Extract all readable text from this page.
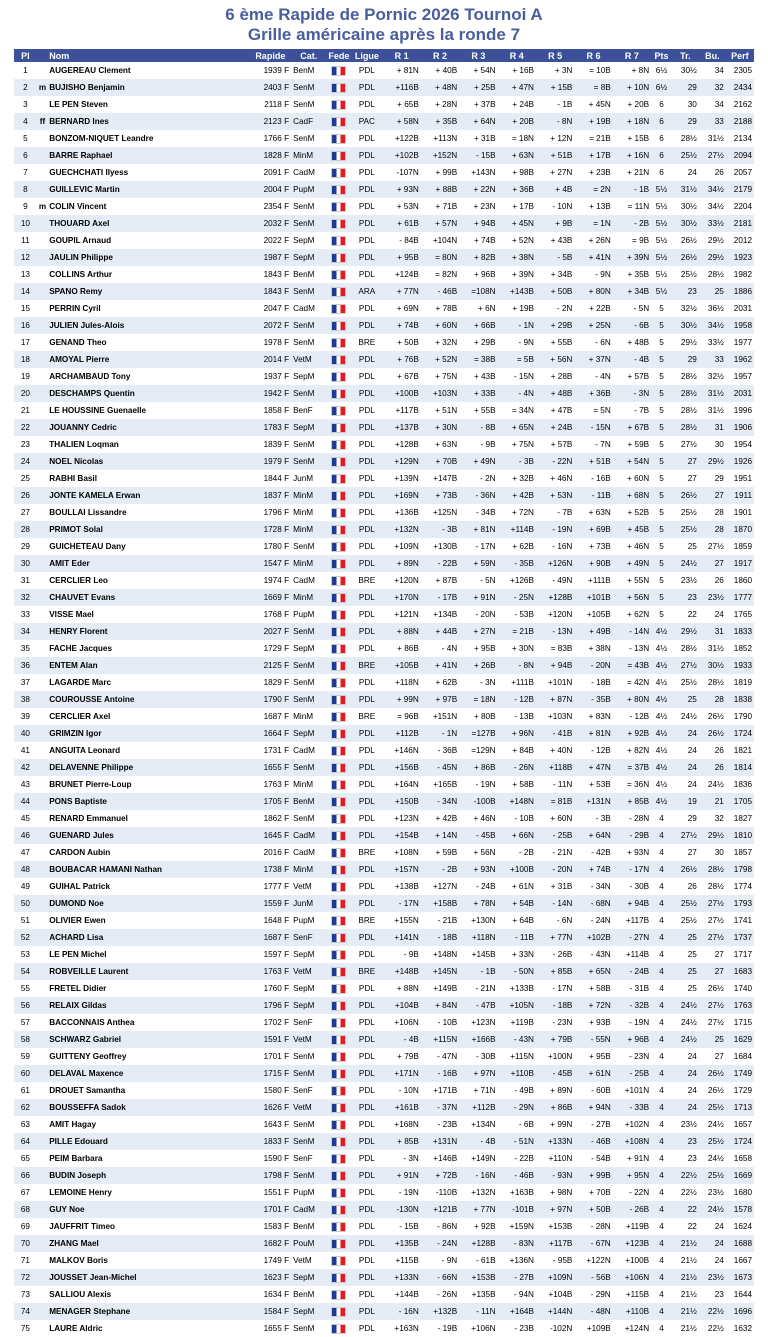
6 ème Rapide de Pornic 2026 Tournoi A
Grille américaine après la ronde 7
Pl		Nom	Rapide	Cat.	Fede	Ligue	R 1	R 2	R 3	R 4	R 5	R 6	R 7	Pts	Tr.	Bu.	Perf
1		AUGEREAU Clement	1939 F	BenM		PDL	+ 81N	+ 40B	+ 54N	+ 16B	+ 3N	= 10B	+ 8N	6½	30½	34	2305
2	m	BUJISHO Benjamin	2403 F	SenM		PDL	+116B	+ 48N	+ 25B	+ 47N	+ 15B	= 8B	+ 10N	6½	29	32	2434
3		LE PEN Steven	2118 F	SenM		PDL	+ 65B	+ 28N	+ 37B	+ 24B	- 1B	+ 45N	+ 20B	6	30	34	2162
4	ff	BERNARD Ines	2123 F	CadF		PAC	+ 58N	+ 35B	+ 64N	+ 20B	- 8N	+ 19B	+ 18N	6	29	33	2188
5		BONZOM-NIQUET Leandre	1766 F	SenM		PDL	+122B	+113N	+ 31B	= 18N	+ 12N	= 21B	+ 15B	6	28½	31½	2134
6		BARRE Raphael	1828 F	MinM		PDL	+102B	+152N	- 15B	+ 63N	+ 51B	+ 17B	+ 16N	6	25½	27½	2094
7		GUECHCHATI Ilyess	2091 F	CadM		PDL	-107N	+ 99B	+143N	+ 98B	+ 27N	+ 23B	+ 21N	6	24	26	2057
8		GUILLEVIC Martin	2004 F	PupM		PDL	+ 93N	+ 88B	+ 22N	+ 36B	+ 4B	= 2N	- 1B	5½	31½	34½	2179
9	m	COLIN Vincent	2354 F	SenM		PDL	+ 53N	+ 71B	+ 23N	+ 17B	- 10N	+ 13B	= 11N	5½	30½	34½	2204
10		THOUARD Axel	2032 F	SenM		PDL	+ 61B	+ 57N	+ 94B	+ 45N	+ 9B	= 1N	- 2B	5½	30½	33½	2181
11		GOUPIL Arnaud	2022 F	SepM		PDL	- 84B	+104N	+ 74B	+ 52N	+ 43B	+ 26N	= 9B	5½	26½	29½	2012
12		JAULIN Philippe	1987 F	SepM		PDL	+ 95B	= 80N	+ 82B	+ 38N	- 5B	+ 41N	+ 39N	5½	26½	29½	1923
13		COLLINS Arthur	1843 F	BenM		PDL	+124B	= 82N	+ 96B	+ 39N	+ 34B	- 9N	+ 35B	5½	25½	28½	1982
14		SPANO Remy	1843 F	SenM		ARA	+ 77N	- 46B	=108N	+143B	+ 50B	+ 80N	+ 34B	5½	23	25	1886
15		PERRIN Cyril	2047 F	CadM		PDL	+ 69N	+ 78B	+ 6N	+ 19B	- 2N	+ 22B	- 5N	5	32½	36½	2031
16		JULIEN Jules-Alois	2072 F	SenM		PDL	+ 74B	+ 60N	+ 66B	- 1N	+ 29B	+ 25N	- 6B	5	30½	34½	1958
17		GENAND Theo	1978 F	SenM		BRE	+ 50B	+ 32N	+ 29B	- 9N	+ 55B	- 6N	+ 48B	5	29½	33½	1977
18		AMOYAL Pierre	2014 F	VetM		PDL	+ 76B	+ 52N	= 38B	= 5B	+ 56N	+ 37N	- 4B	5	29	33	1962
19		ARCHAMBAUD Tony	1937 F	SepM		PDL	+ 67B	+ 75N	+ 43B	- 15N	+ 28B	- 4N	+ 57B	5	28½	32½	1957
20		DESCHAMPS Quentin	1942 F	SenM		PDL	+100B	+103N	+ 33B	- 4N	+ 48B	+ 36B	- 3N	5	28½	31½	2031
21		LE HOUSSINE Guenaelle	1858 F	BenF		PDL	+117B	+ 51N	+ 55B	= 34N	+ 47B	= 5N	- 7B	5	28½	31½	1996
22		JOUANNY Cedric	1783 F	SepM		PDL	+137B	+ 30N	- 8B	+ 65N	+ 24B	- 15N	+ 67B	5	28½	31	1906
23		THALIEN Loqman	1839 F	SenM		PDL	+128B	+ 63N	- 9B	+ 75N	+ 57B	- 7N	+ 59B	5	27½	30	1954
24		NOEL Nicolas	1979 F	SenM		PDL	+129N	+ 70B	+ 49N	- 3B	- 22N	+ 51B	+ 54N	5	27	29½	1926
25		RABHI Basil	1844 F	JunM		PDL	+139N	+147B	- 2N	+ 32B	+ 46N	- 16B	+ 60N	5	27	29	1951
26		JONTE KAMELA Erwan	1837 F	MinM		PDL	+169N	+ 73B	- 36N	+ 42B	+ 53N	- 11B	+ 68N	5	26½	27	1911
27		BOULLAI Lissandre	1796 F	MinM		PDL	+136B	+125N	- 34B	+ 72N	- 7B	+ 63N	+ 52B	5	25½	28	1901
28		PRIMOT Solal	1728 F	MinM		PDL	+132N	- 3B	+ 81N	+114B	- 19N	+ 69B	+ 45B	5	25½	28	1870
29		GUICHETEAU Dany	1780 F	SenM		PDL	+109N	+130B	- 17N	+ 62B	- 16N	+ 73B	+ 46N	5	25	27½	1859
30		AMIT Eder	1547 F	MinM		PDL	+ 89N	- 22B	+ 59N	- 35B	+126N	+ 90B	+ 49N	5	24½	27	1917
31		CERCLIER Leo	1974 F	CadM		BRE	+120N	+ 87B	- 5N	+126B	- 49N	+111B	+ 55N	5	23½	26	1860
32		CHAUVET Evans	1669 F	MinM		PDL	+170N	- 17B	+ 91N	- 25N	+128B	+101B	+ 56N	5	23	23½	1777
33		VISSE Mael	1768 F	PupM		PDL	+121N	+134B	- 20N	- 53B	+120N	+105B	+ 62N	5	22	24	1765
34		HENRY Florent	2027 F	SenM		PDL	+ 88N	+ 44B	+ 27N	= 21B	- 13N	+ 49B	- 14N	4½	29½	31	1833
35		FACHE Jacques	1729 F	SepM		PDL	+ 86B	- 4N	+ 95B	+ 30N	= 83B	+ 38N	- 13N	4½	28½	31½	1852
36		ENTEM Alan	2125 F	SenM		BRE	+105B	+ 41N	+ 26B	- 8N	+ 94B	- 20N	= 43B	4½	27½	30½	1933
37		LAGARDE Marc	1829 F	SenM		PDL	+118N	+ 62B	- 3N	+111B	+101N	- 18B	= 42N	4½	25½	28½	1819
38		COUROUSSE Antoine	1790 F	SenM		PDL	+ 99N	+ 97B	= 18N	- 12B	+ 87N	- 35B	+ 80N	4½	25	28	1838
39		CERCLIER Axel	1687 F	MinM		BRE	= 96B	+151N	+ 80B	- 13B	+103N	+ 83N	- 12B	4½	24½	26½	1790
40		GRIMZIN Igor	1664 F	SepM		PDL	+112B	- 1N	=127B	+ 96N	- 41B	+ 81N	+ 92B	4½	24	26½	1724
41		ANGUITA Leonard	1731 F	CadM		PDL	+146N	- 36B	=129N	+ 84B	+ 40N	- 12B	+ 82N	4½	24	26	1821
42		DELAVENNE Philippe	1655 F	SenM		PDL	+156B	- 45N	+ 86B	- 26N	+118B	+ 47N	= 37B	4½	24	26	1814
43		BRUNET Pierre-Loup	1763 F	MinM		PDL	+164N	+165B	- 19N	+ 58B	- 11N	+ 53B	= 36N	4½	24	24½	1836
44		PONS Baptiste	1705 F	BenM		PDL	+150B	- 34N	-100B	+148N	= 81B	+131N	+ 85B	4½	19	21	1705
45		RENARD Emmanuel	1862 F	SenM		PDL	+123N	+ 42B	+ 46N	- 10B	+ 60N	- 3B	- 28N	4	29	32	1827
46		GUENARD Jules	1645 F	CadM		PDL	+154B	+ 14N	- 45B	+ 66N	- 25B	+ 64N	- 29B	4	27½	29½	1810
47		CARDON Aubin	2016 F	CadM		BRE	+108N	+ 59B	+ 56N	- 2B	- 21N	- 42B	+ 93N	4	27	30	1857
48		BOUBACAR HAMANI Nathan	1738 F	MinM		PDL	+157N	- 2B	+ 93N	+100B	- 20N	+ 74B	- 17N	4	26½	28½	1798
49		GUIHAL Patrick	1777 F	VetM		PDL	+138B	+127N	- 24B	+ 61N	+ 31B	- 34N	- 30B	4	26	28½	1774
50		DUMOND Noe	1559 F	JunM		PDL	- 17N	+158B	+ 78N	+ 54B	- 14N	- 68N	+ 94B	4	25½	27½	1793
51		OLIVIER Ewen	1648 F	PupM		BRE	+155N	- 21B	+130N	+ 64B	- 6N	- 24N	+117B	4	25½	27½	1741
52		ACHARD Lisa	1687 F	SenF		PDL	+141N	- 18B	+118N	- 11B	+ 77N	+102B	- 27N	4	25	27½	1737
53		LE PEN Michel	1597 F	SepM		PDL	- 9B	+148N	+145B	+ 33N	- 26B	- 43N	+114B	4	25	27	1717
54		ROBVEILLE Laurent	1763 F	VetM		BRE	+148B	+145N	- 1B	- 50N	+ 85B	+ 65N	- 24B	4	25	27	1683
55		FRETEL Didier	1760 F	SepM		PDL	+ 88N	+149B	- 21N	+133B	- 17N	+ 58B	- 31B	4	25	26½	1740
56		RELAIX Gildas	1796 F	SepM		PDL	+104B	+ 84N	- 47B	+105N	- 18B	+ 72N	- 32B	4	24½	27½	1763
57		BACCONNAIS Anthea	1702 F	SenF		PDL	+106N	- 10B	+123N	+119B	- 23N	+ 93B	- 19N	4	24½	27½	1715
58		SCHWARZ Gabriel	1591 F	VetM		PDL	- 4B	+115N	+166B	- 43N	+ 79B	- 55N	+ 96B	4	24½	25	1629
59		GUITTENY Geoffrey	1701 F	SenM		PDL	+ 79B	- 47N	- 30B	+115N	+100N	+ 95B	- 23N	4	24	27	1684
60		DELAVAL Maxence	1715 F	SenM		PDL	+171N	- 16B	+ 97N	+110B	- 45B	+ 61N	- 25B	4	24	26½	1749
61		DROUET Samantha	1580 F	SenF		PDL	- 10N	+171B	+ 71N	- 49B	+ 89N	- 60B	+101N	4	24	26½	1729
62		BOUSSEFFA Sadok	1626 F	VetM		PDL	+161B	- 37N	+112B	- 29N	+ 86B	+ 94N	- 33B	4	24	25½	1713
63		AMIT Hagay	1643 F	SenM		PDL	+168N	- 23B	+134N	- 6B	+ 99N	- 27B	+102N	4	23½	24½	1657
64		PILLE Edouard	1833 F	SenM		PDL	+ 85B	+131N	- 4B	- 51N	+133N	- 46B	+108N	4	23	25½	1724
65		PEIM Barbara	1590 F	SenF		PDL	- 3N	+146B	+149N	- 22B	+110N	- 54B	+ 91N	4	23	24½	1658
66		BUDIN Joseph	1798 F	SenM		PDL	+ 91N	+ 72B	- 16N	- 46B	- 93N	+ 99B	+ 95N	4	22½	25½	1669
67		LEMOINE Henry	1551 F	PupM		PDL	- 19N	-110B	+132N	+163B	+ 98N	+ 70B	- 22N	4	22½	23½	1680
68		GUY Noe	1701 F	CadM		PDL	-130N	+121B	+ 77N	-101B	+ 97N	+ 50B	- 26B	4	22	24½	1578
69		JAUFFRIT Timeo	1583 F	BenM		PDL	- 15B	- 86N	+ 92B	+159N	+153B	- 28N	+119B	4	22	24	1624
70		ZHANG Mael	1682 F	PouM		PDL	+135B	- 24N	+128B	- 83N	+117B	- 67N	+123B	4	21½	24	1688
71		MALKOV Boris	1749 F	VetM		PDL	+115B	- 9N	- 61B	+136N	- 95B	+122N	+100B	4	21½	24	1667
72		JOUSSET Jean-Michel	1623 F	SepM		PDL	+133N	- 66N	+153B	- 27B	+109N	- 56B	+106N	4	21½	23½	1673
73		SALLIOU Alexis	1634 F	BenM		PDL	+144B	- 26N	+135B	- 94N	+104B	- 29N	+115B	4	21½	23	1644
74		MENAGER Stephane	1584 F	SepM		PDL	- 16N	+132B	- 11N	+164B	+144N	- 48N	+110B	4	21½	22½	1696
75		LAURE Aldric	1655 F	SenM		PDL	+163N	- 19B	+106N	- 23B	-102N	+109B	+124N	4	21½	22½	1632
